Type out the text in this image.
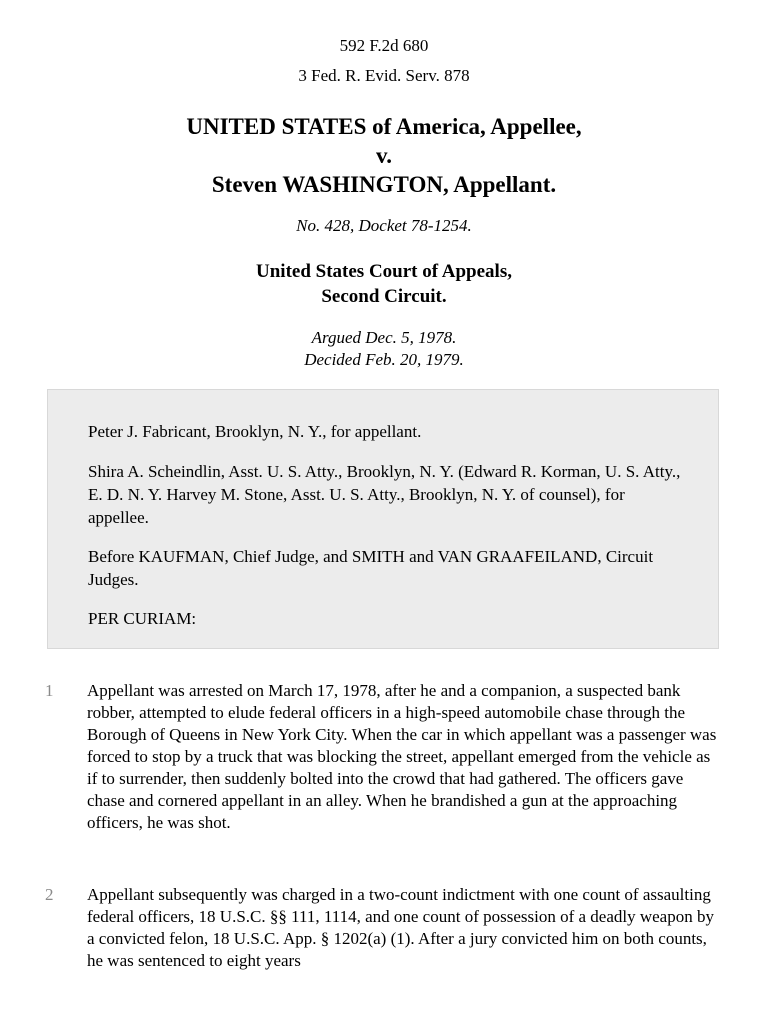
592 F.2d 680
3 Fed. R. Evid. Serv. 878
UNITED STATES of America, Appellee,
v.
Steven WASHINGTON, Appellant.
No. 428, Docket 78-1254.
United States Court of Appeals,
Second Circuit.
Argued Dec. 5, 1978.
Decided Feb. 20, 1979.

Peter J. Fabricant, Brooklyn, N. Y., for appellant.

Shira A. Scheindlin, Asst. U. S. Atty., Brooklyn, N. Y. (Edward R. Korman, U. S. Atty., E. D. N. Y. Harvey M. Stone, Asst. U. S. Atty., Brooklyn, N. Y. of counsel), for appellee.

Before KAUFMAN, Chief Judge, and SMITH and VAN GRAAFEILAND, Circuit Judges.

PER CURIAM:

1 Appellant was arrested on March 17, 1978, after he and a companion, a suspected bank robber, attempted to elude federal officers in a high-speed automobile chase through the Borough of Queens in New York City. When the car in which appellant was a passenger was forced to stop by a truck that was blocking the street, appellant emerged from the vehicle as if to surrender, then suddenly bolted into the crowd that had gathered. The officers gave chase and cornered appellant in an alley. When he brandished a gun at the approaching officers, he was shot.

2 Appellant subsequently was charged in a two-count indictment with one count of assaulting federal officers, 18 U.S.C. §§ 111, 1114, and one count of possession of a deadly weapon by a convicted felon, 18 U.S.C. App. § 1202(a) (1). After a jury convicted him on both counts, he was sentenced to eight years
